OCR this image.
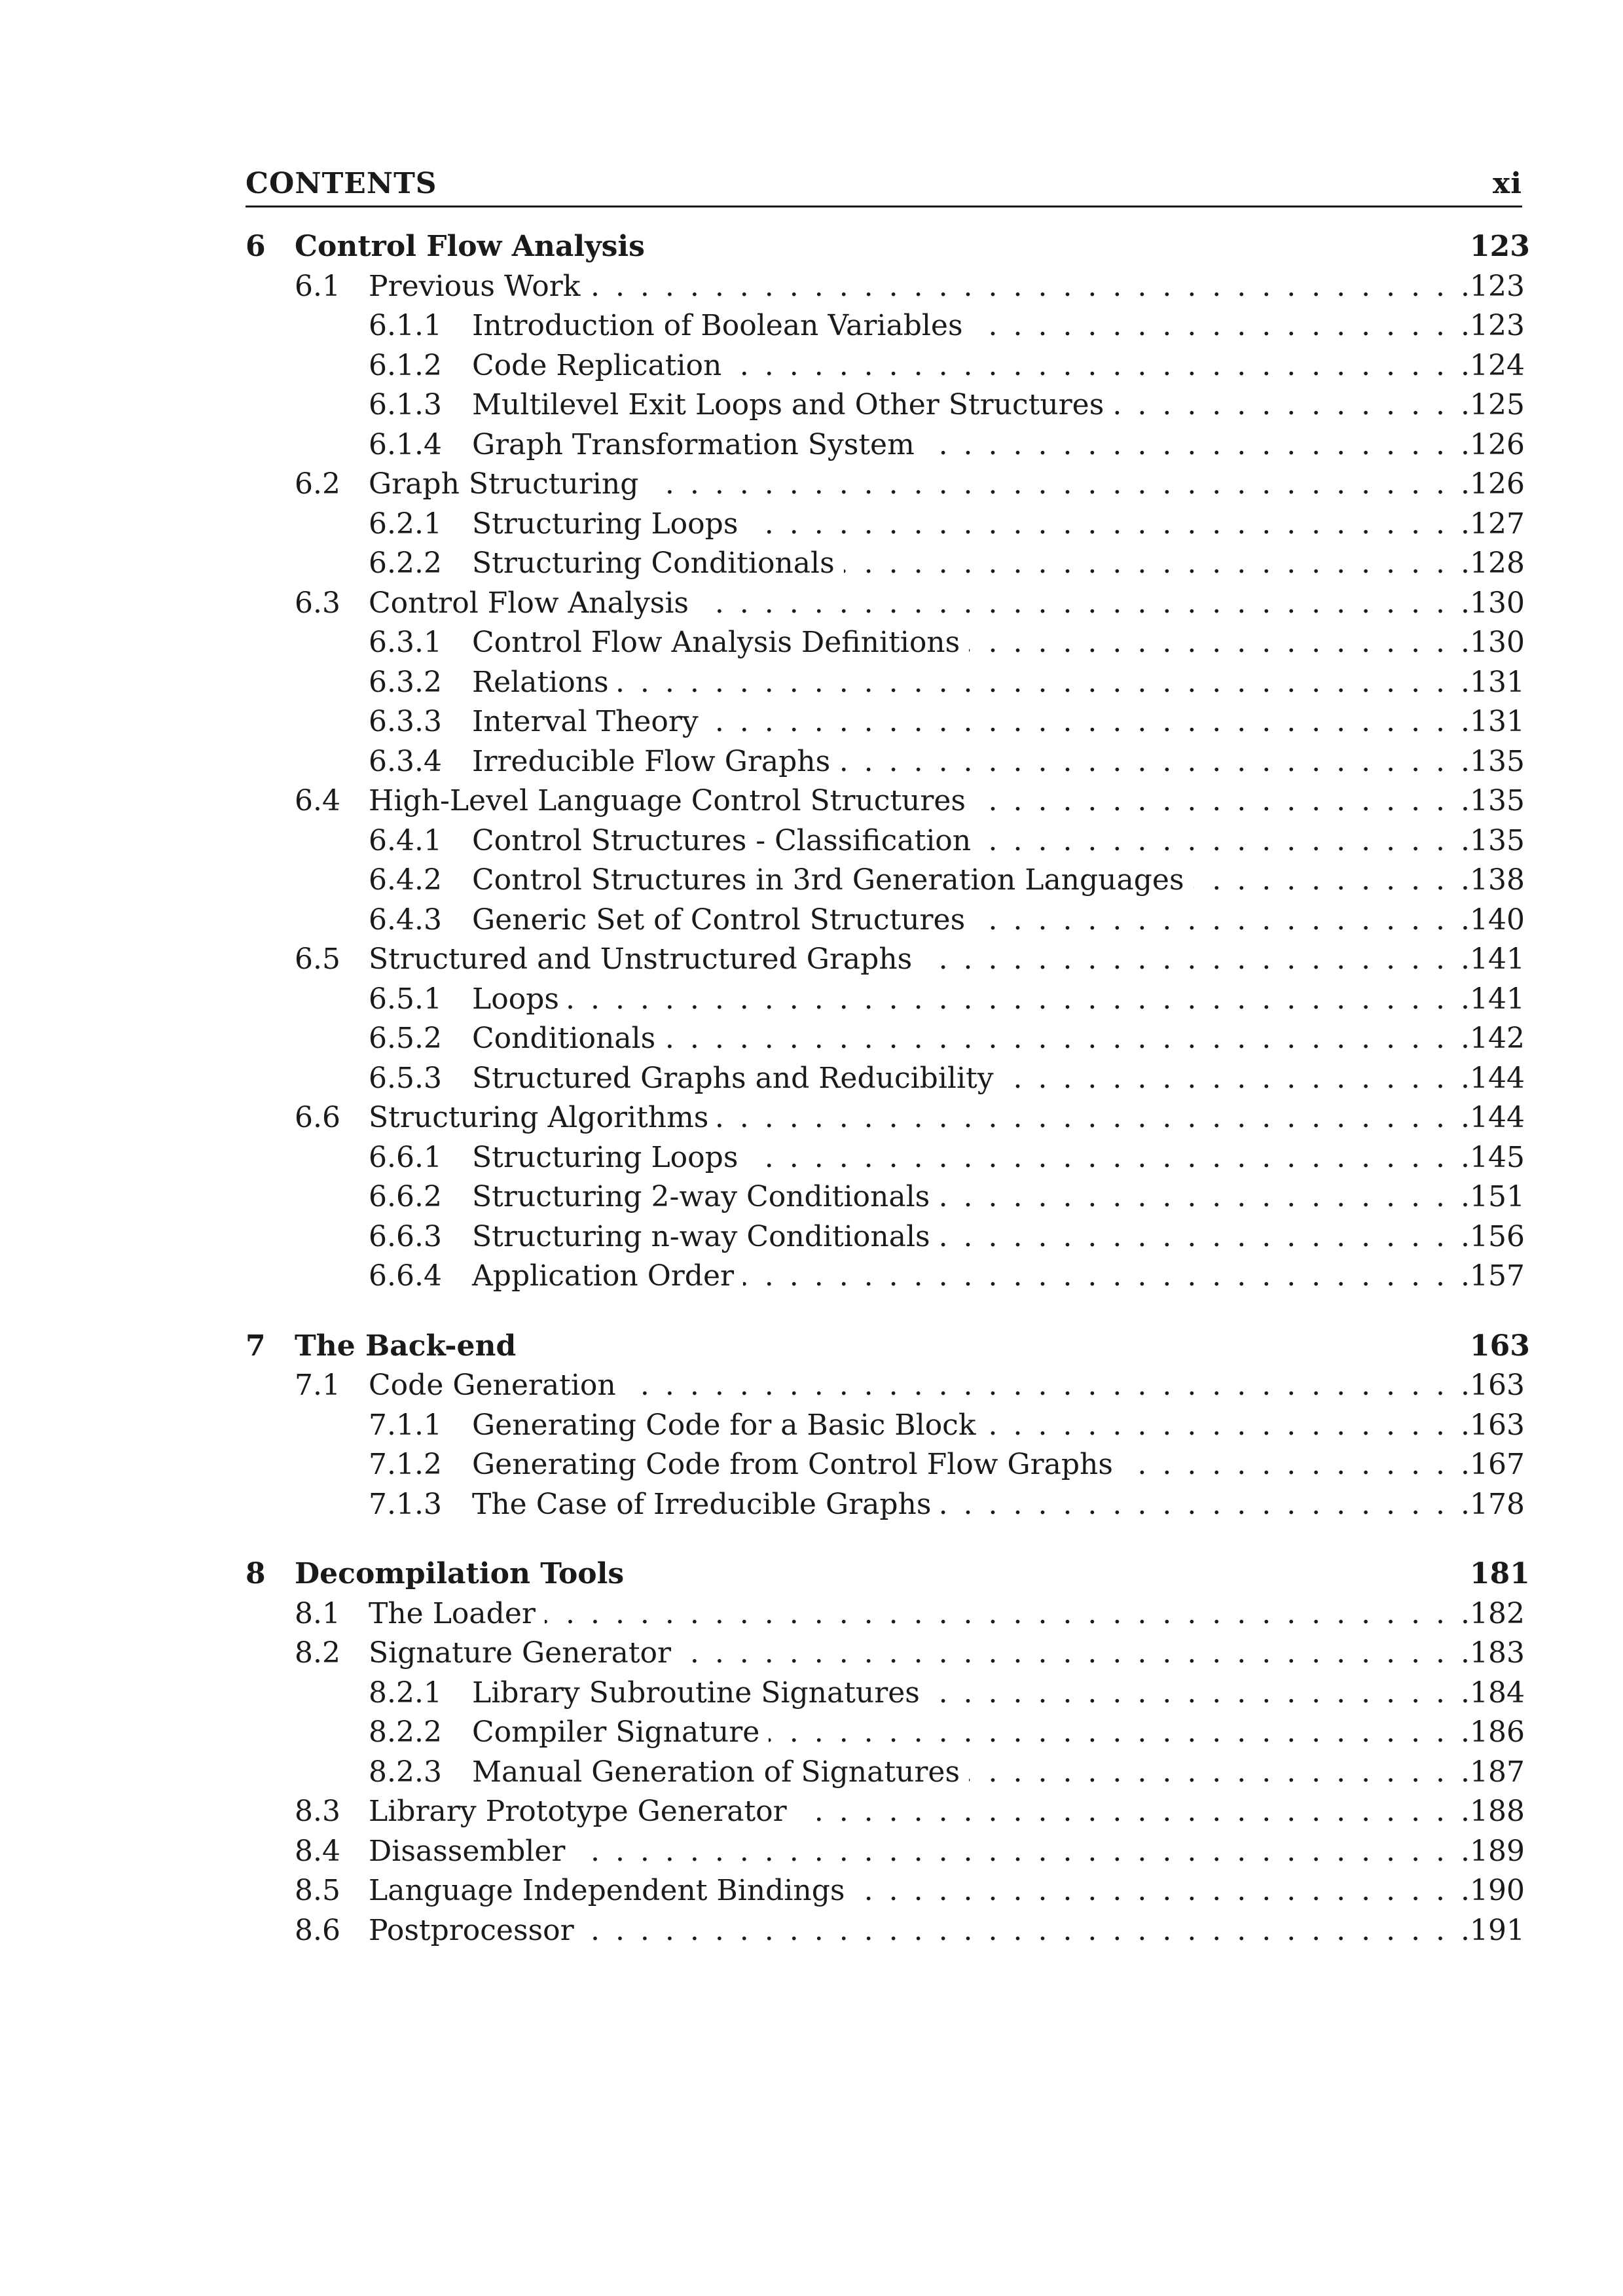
CONTENTS	xi
6	Control Flow Analysis	123
6.1 Previous Work . . .	123
6.1.1	Introduction of Boolean Variables . . .	123
6.1.2	Code Replication . . .	124
6.1.3	Multilevel Exit Loops and Other Structures . . .	125
6.1.4	Graph Transformation System . . .	126
6.2 Graph Structuring . . .	126
6.2.1	Structuring Loops . . .	127
6.2.2	Structuring Conditionals . . .	128
6.3 Control Flow Analysis . . .	130
6.3.1	Control Flow Analysis Definitions . . .	130
6.3.2	Relations . . .	131
6.3.3	Interval Theory . . .	131
6.3.4	Irreducible Flow Graphs . . .	135
6.4 High-Level Language Control Structures . . .	135
6.4.1	Control Structures - Classification . . .	135
6.4.2	Control Structures in 3rd Generation Languages . . .	138
6.4.3	Generic Set of Control Structures . . .	140
6.5 Structured and Unstructured Graphs . . .	141
6.5.1	Loops . . .	141
6.5.2	Conditionals . . .	142
6.5.3	Structured Graphs and Reducibility . . .	144
6.6 Structuring Algorithms . . .	144
6.6.1	Structuring Loops . . .	145
6.6.2	Structuring 2-way Conditionals . . .	151
6.6.3	Structuring n-way Conditionals . . .	156
6.6.4	Application Order . . .	157
7	The Back-end	163
7.1 Code Generation . . .	163
7.1.1	Generating Code for a Basic Block . . .	163
7.1.2	Generating Code from Control Flow Graphs . . .	167
7.1.3	The Case of Irreducible Graphs . . .	178
8	Decompilation Tools	181
8.1 The Loader . . .	182
8.2 Signature Generator . . .	183
8.2.1	Library Subroutine Signatures . . .	184
8.2.2	Compiler Signature . . .	186
8.2.3	Manual Generation of Signatures . . .	187
8.3 Library Prototype Generator . . .	188
8.4 Disassembler . . .	189
8.5 Language Independent Bindings . . .	190
8.6 Postprocessor . . .	191
